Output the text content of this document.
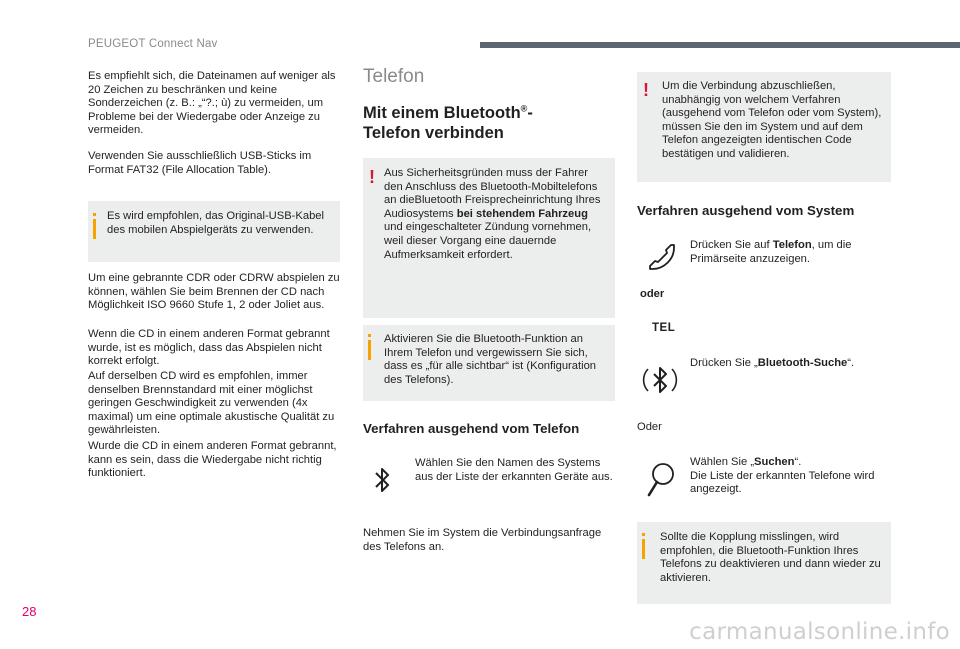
PEUGEOT Connect Nav

Es empfiehlt sich, die Dateinamen auf weniger als 20 Zeichen zu beschränken und keine Sonderzeichen (z. B.: „“?.; ù) zu vermeiden, um Probleme bei der Wiedergabe oder Anzeige zu vermeiden.

Verwenden Sie ausschließlich USB-Sticks im Format FAT32 (File Allocation Table).

Es wird empfohlen, das Original-USB-Kabel des mobilen Abspielgeräts zu verwenden.

Um eine gebrannte CDR oder CDRW abspielen zu können, wählen Sie beim Brennen der CD nach Möglichkeit ISO 9660 Stufe 1, 2 oder Joliet aus.

Wenn die CD in einem anderen Format gebrannt wurde, ist es möglich, dass das Abspielen nicht korrekt erfolgt.

Auf derselben CD wird es empfohlen, immer denselben Brennstandard mit einer möglichst geringen Geschwindigkeit zu verwenden (4x maximal) um eine optimale akustische Qualität zu gewährleisten.

Wurde die CD in einem anderen Format gebrannt, kann es sein, dass die Wiedergabe nicht richtig funktioniert.

Telefon
Mit einem Bluetooth®-
Telefon verbinden
! Aus Sicherheitsgründen muss der Fahrer den Anschluss des Bluetooth-Mobiltelefons an dieBluetooth Freisprecheinrichtung Ihres Audiosystems bei stehendem Fahrzeug und eingeschalteter Zündung vornehmen, weil dieser Vorgang eine dauernde Aufmerksamkeit erfordert.

Aktivieren Sie die Bluetooth-Funktion an Ihrem Telefon und vergewissern Sie sich, dass es „für alle sichtbar“ ist (Konfiguration des Telefons).

Verfahren ausgehend vom Telefon

Wählen Sie den Namen des Systems aus der Liste der erkannten Geräte aus.

Nehmen Sie im System die Verbindungsanfrage des Telefons an.

! Um die Verbindung abzuschließen, unabhängig von welchem Verfahren (ausgehend vom Telefon oder vom System), müssen Sie den im System und auf dem Telefon angezeigten identischen Code bestätigen und validieren.

Verfahren ausgehend vom System

Drücken Sie auf Telefon, um die Primärseite anzuzeigen.

oder
TEL

Drücken Sie „Bluetooth-Suche“.

Oder

Wählen Sie „Suchen“.
Die Liste der erkannten Telefone wird angezeigt.

Sollte die Kopplung misslingen, wird empfohlen, die Bluetooth-Funktion Ihres Telefons zu deaktivieren und dann wieder zu aktivieren.

28
carmanualsonline.info
